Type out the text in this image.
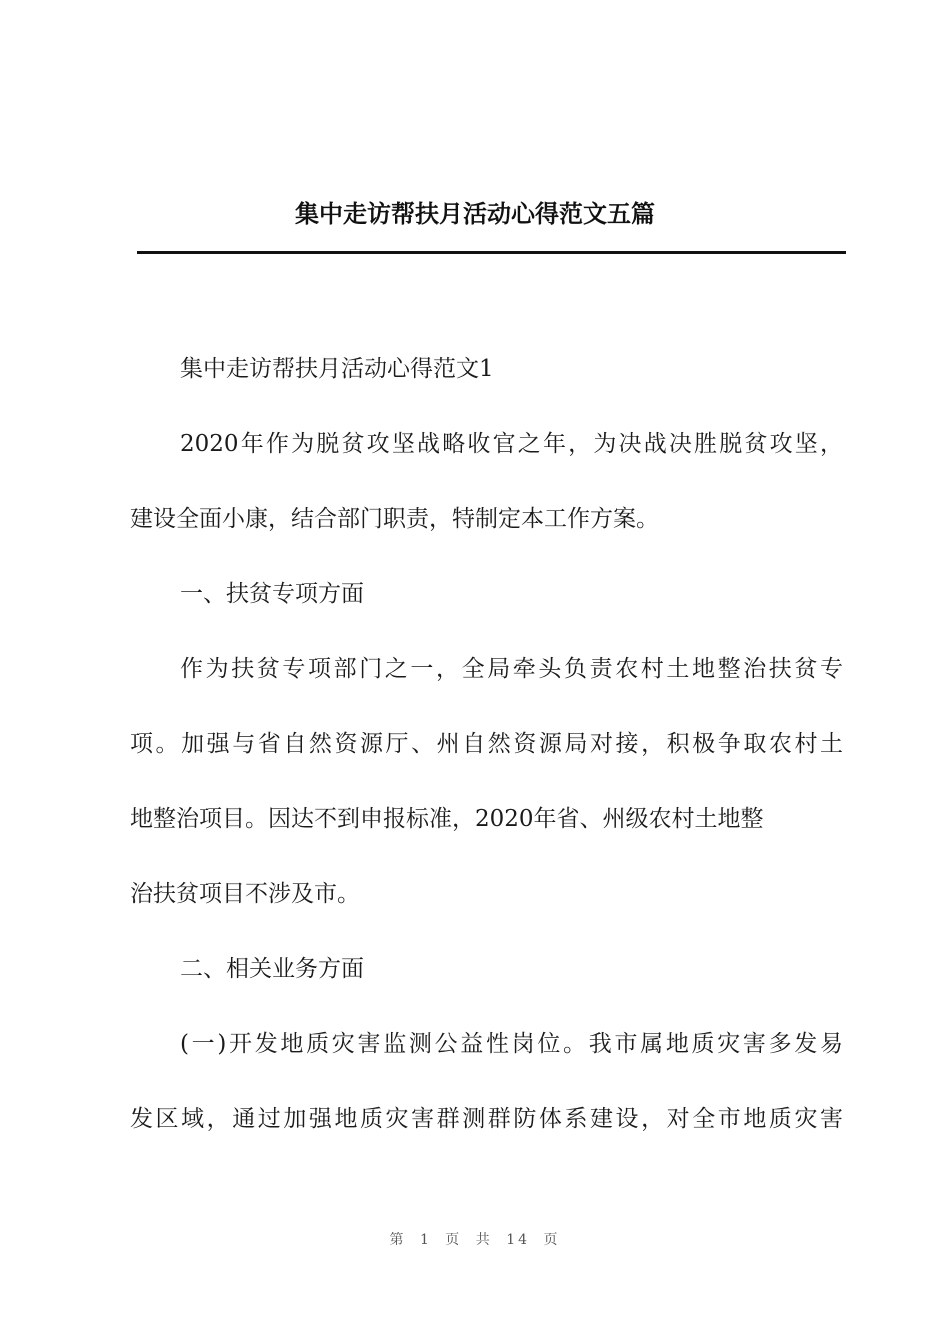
集中走访帮扶月活动心得范文五篇
集中走访帮扶月活动心得范文1
2020年作为脱贫攻坚战略收官之年，为决战决胜脱贫攻坚，
建设全面小康，结合部门职责，特制定本工作方案。
一、扶贫专项方面
作为扶贫专项部门之一，全局牵头负责农村土地整治扶贫专
项。加强与省自然资源厅、州自然资源局对接，积极争取农村土
地整治项目。因达不到申报标准，2020年省、州级农村土地整
治扶贫项目不涉及市。
二、相关业务方面
(一)开发地质灾害监测公益性岗位。我市属地质灾害多发易
发区域，通过加强地质灾害群测群防体系建设，对全市地质灾害
第 1 页 共 14 页
